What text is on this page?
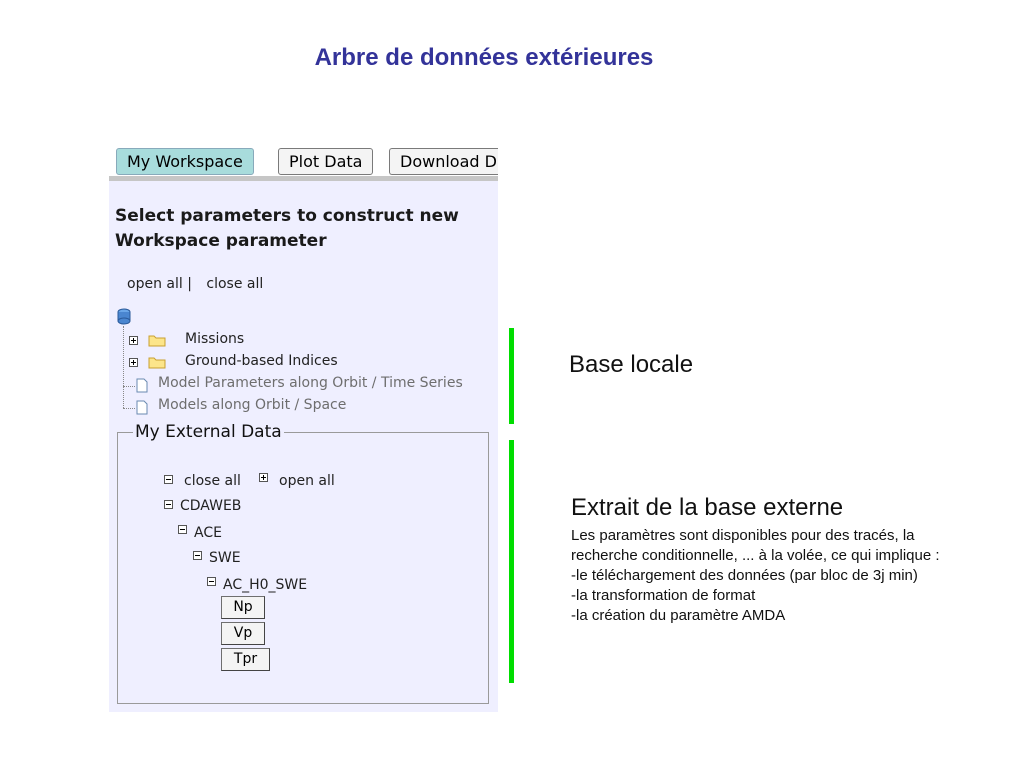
Arbre de données extérieures
My Workspace	Plot Data	Download D
Select parameters to construct new
Workspace parameter
open all | close all
Missions
Ground-based Indices
Model Parameters along Orbit / Time Series
Models along Orbit / Space
My External Data
close all	open all
CDAWEB
ACE
SWE
AC_H0_SWE
Np
Vp
Tpr
Base locale
Extrait de la base externe
Les paramètres sont disponibles pour des tracés, la
recherche conditionnelle, ... à la volée, ce qui implique :
-le téléchargement des données (par bloc de 3j min)
-la transformation de format
-la création du paramètre AMDA
